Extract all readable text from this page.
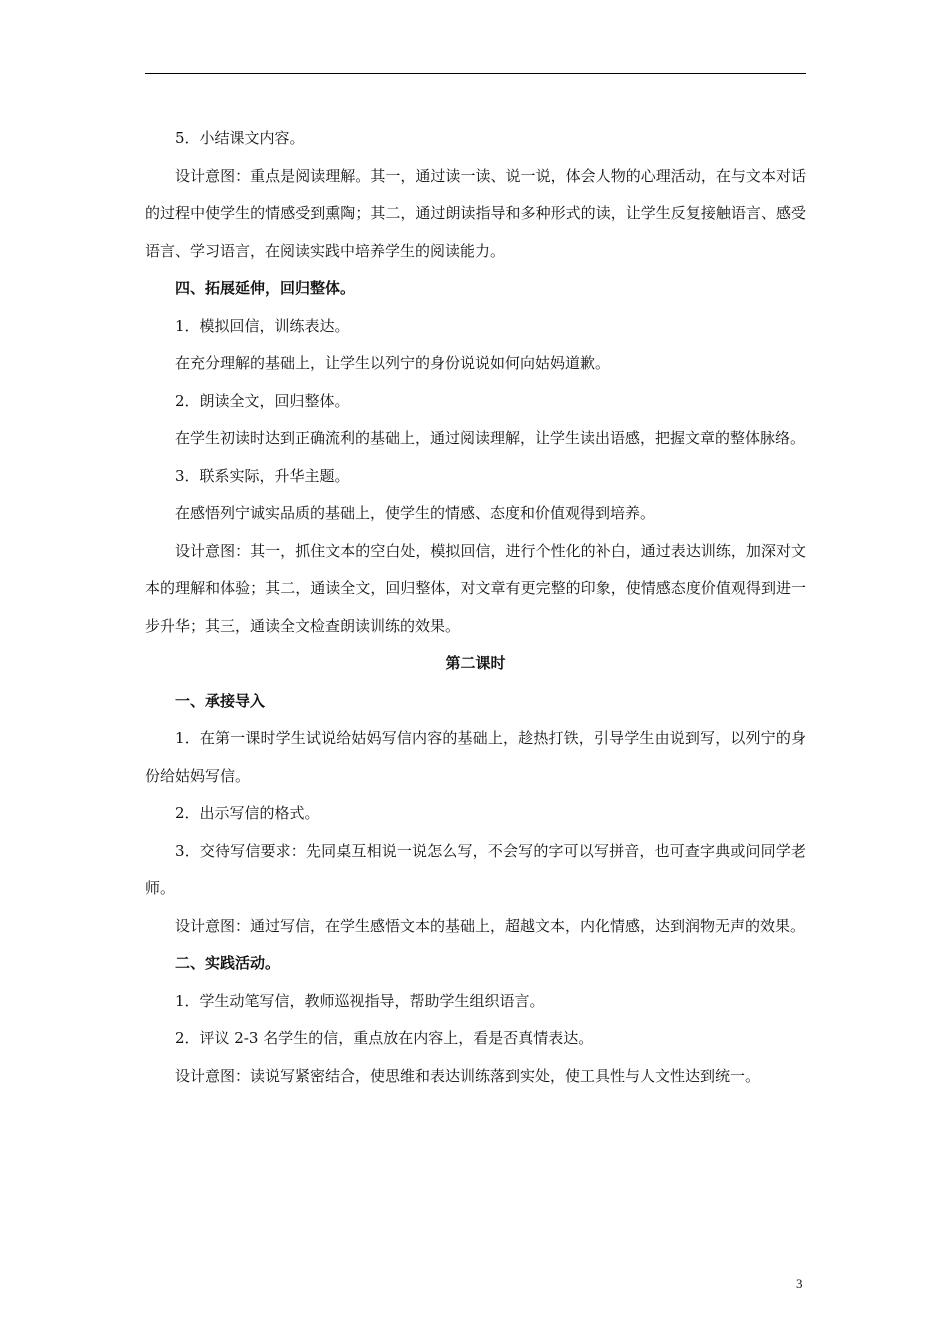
5．小结课文内容。

设计意图：重点是阅读理解。其一，通过读一读、说一说，体会人物的心理活动，在与文本对话的过程中使学生的情感受到熏陶；其二，通过朗读指导和多种形式的读，让学生反复接触语言、感受语言、学习语言，在阅读实践中培养学生的阅读能力。

四、拓展延伸，回归整体。

1．模拟回信，训练表达。

在充分理解的基础上，让学生以列宁的身份说说如何向姑妈道歉。

2．朗读全文，回归整体。

在学生初读时达到正确流利的基础上，通过阅读理解，让学生读出语感，把握文章的整体脉络。

3．联系实际，升华主题。

在感悟列宁诚实品质的基础上，使学生的情感、态度和价值观得到培养。

设计意图：其一，抓住文本的空白处，模拟回信，进行个性化的补白，通过表达训练，加深对文本的理解和体验；其二，通读全文，回归整体，对文章有更完整的印象，使情感态度价值观得到进一步升华；其三，通读全文检查朗读训练的效果。

第二课时

一、承接导入

1．在第一课时学生试说给姑妈写信内容的基础上，趁热打铁，引导学生由说到写，以列宁的身份给姑妈写信。

2．出示写信的格式。

3．交待写信要求：先同桌互相说一说怎么写，不会写的字可以写拼音，也可查字典或问同学老师。

设计意图：通过写信，在学生感悟文本的基础上，超越文本，内化情感，达到润物无声的效果。

二、实践活动。

1．学生动笔写信，教师巡视指导，帮助学生组织语言。

2．评议 2-3 名学生的信，重点放在内容上，看是否真情表达。

设计意图：读说写紧密结合，使思维和表达训练落到实处，使工具性与人文性达到统一。

3
